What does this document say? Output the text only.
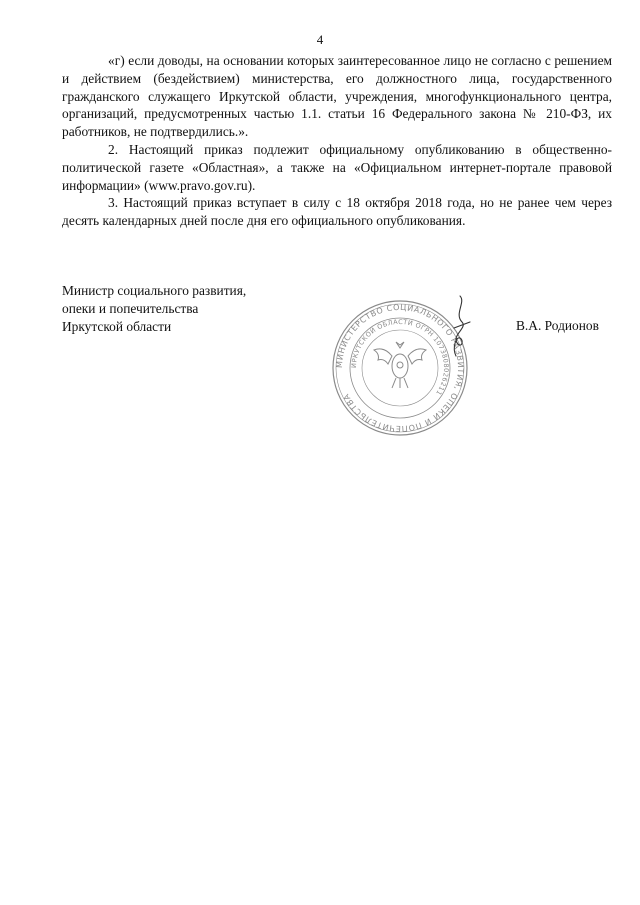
4

«г) если доводы, на основании которых заинтересованное лицо не согласно с решением и действием (бездействием) министерства, его должностного лица, государственного гражданского служащего Иркутской области, учреждения, многофункционального центра, организаций, предусмотренных частью 1.1. статьи 16 Федерального закона № 210-ФЗ, их работников, не подтвердились.».

2. Настоящий приказ подлежит официальному опубликованию в общественно-политической газете «Областная», а также на «Официальном интернет-портале правовой информации» (www.pravo.gov.ru).

3. Настоящий приказ вступает в силу с 18 октября 2018 года, но не ранее чем через десять календарных дней после дня его официального опубликования.

Министр социального развития,
опеки и попечительства
Иркутской области
МИНИСТЕРСТВО СОЦИАЛЬНОГО РАЗВИТИЯ, ОПЕКИ И ПОПЕЧИТЕЛЬСТВА
ИРКУТСКОЙ ОБЛАСТИ ОГРН 1073808026211
В.А. Родионов
